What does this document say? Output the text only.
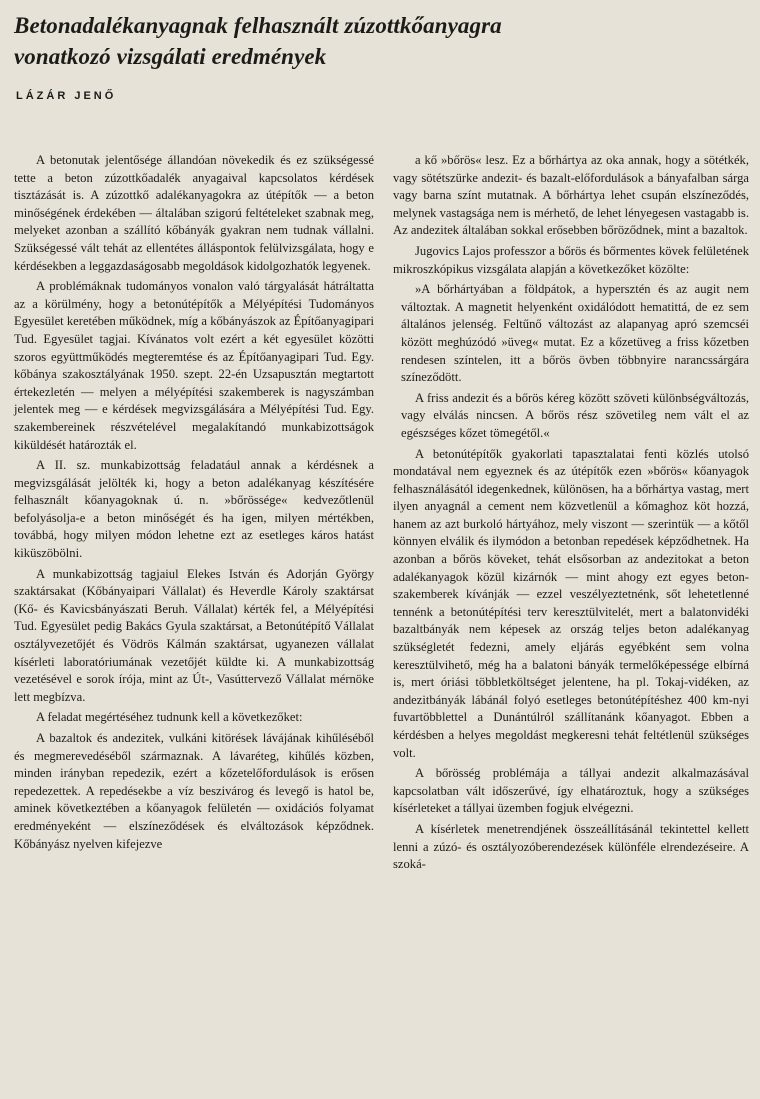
Betonadalékanyagnak felhasznált zúzottkőanyagra
vonatkozó vizsgálati eredmények
LÁZÁR JENŐ

A betonutak jelentősége állandóan növekedik és ez szükségessé tette a beton zúzottkőadalék anyagaival kapcsolatos kérdések tisztázását is. A zúzottkő adalékanyagokra az útépítők — a beton minőségének érdekében — általában szigorú feltételeket szabnak meg, melyeket azonban a szállító kőbányák gyakran nem tudnak vállalni. Szükségessé vált tehát az ellentétes álláspontok felülvizsgálata, hogy e kérdésekben a leggazdaságosabb megoldások kidolgozhatók legyenek.

A problémáknak tudományos vonalon való tárgyalását hátráltatta az a körülmény, hogy a betonútépítők a Mélyépítési Tudományos Egyesület keretében működnek, míg a kőbányászok az Építőanyagipari Tud. Egyesület tagjai. Kívánatos volt ezért a két egyesület közötti szoros együttműködés megteremtése és az Építőanyagipari Tud. Egy. kőbánya szakosztályának 1950. szept. 22-én Uzsapusztán megtartott értekezletén — melyen a mélyépítési szakemberek is nagyszámban jelentek meg — e kérdések megvizsgálására a Mélyépítési Tud. Egy. szakembereinek részvételével megalakítandó munkabizottságok kiküldését határozták el.

A II. sz. munkabizottság feladatául annak a kérdésnek a megvizsgálását jelölték ki, hogy a beton adalékanyag készítésére felhasznált kőanyagoknak ú. n. »bőrössége« kedvezőtlenül befolyásolja-e a beton minőségét és ha igen, milyen mértékben, továbbá, hogy milyen módon lehetne ezt az esetleges káros hatást kiküszöbölni.

A munkabizottság tagjaiul Elekes István és Adorján György szaktársakat (Kőbányaipari Vállalat) és Heverdle Károly szaktársat (Kő- és Kavicsbányászati Beruh. Vállalat) kérték fel, a Mélyépítési Tud. Egyesület pedig Bakács Gyula szaktársat, a Betonútépítő Vállalat osztályvezetőjét és Vödrös Kálmán szaktársat, ugyanezen vállalat kísérleti laboratóriumának vezetőjét küldte ki. A munkabizottság vezetésével e sorok írója, mint az Út-, Vasúttervező Vállalat mérnöke lett megbízva.

A feladat megértéséhez tudnunk kell a következőket:

A bazaltok és andezitek, vulkáni kitörések lávájának kihűléséből és megmerevedéséből származnak. A lávaréteg, kihűlés közben, minden irányban repedezik, ezért a kőzetelőfordulások is erősen repedezettek. A repedésekbe a víz beszivárog és levegő is hatol be, aminek következtében a kőanyagok felületén — oxidációs folyamat eredményeként — elszíneződések és elváltozások képződnek. Kőbányász nyelven kifejezve

a kő »bőrös« lesz. Ez a bőrhártya az oka annak, hogy a sötétkék, vagy sötétszürke andezit- és bazalt-előfordulások a bányafalban sárga vagy barna színt mutatnak. A bőrhártya lehet csupán elszíneződés, melynek vastagsága nem is mérhető, de lehet lényegesen vastagabb is. Az andezitek általában sokkal erősebben bőröződnek, mint a bazaltok.

Jugovics Lajos professzor a bőrös és bőrmentes kövek felületének mikroszkópikus vizsgálata alapján a következőket közölte:

»A bőrhártyában a földpátok, a hypersztén és az augit nem változtak. A magnetit helyenként oxidálódott hematittá, de ez sem általános jelenség. Feltűnő változást az alapanyag apró szemcséi között meghúzódó »üveg« mutat. Ez a kőzetüveg a friss kőzetben rendesen színtelen, itt a bőrös övben többnyire narancssárgára színeződött.

A friss andezit és a bőrös kéreg között szöveti különbségváltozás, vagy elválás nincsen. A bőrös rész szövetileg nem vált el az egészséges kőzet tömegétől.«

A betonútépítők gyakorlati tapasztalatai fenti közlés utolsó mondatával nem egyeznek és az útépítők ezen »bőrös« kőanyagok felhasználásától idegenkednek, különösen, ha a bőrhártya vastag, mert ilyen anyagnál a cement nem közvetlenül a kőmaghoz köt hozzá, hanem az azt burkoló hártyához, mely viszont — szerintük — a kőtől könnyen elválik és ilymódon a betonban repedések képződhetnek. Ha azonban a bőrös köveket, tehát elsősorban az andezitokat a beton adalékanyagok közül kizárnók — mint ahogy ezt egyes beton-szakemberek kívánják — ezzel veszélyeztetnénk, sőt lehetetlenné tennénk a betonútépítési terv keresztülvitelét, mert a balatonvidéki bazaltbányák nem képesek az ország teljes beton adalékanyag szükségletét fedezni, amely eljárás egyébként sem volna keresztülvihető, még ha a balatoni bányák termelőképessége elbírná is, mert óriási többletköltséget jelentene, ha pl. Tokaj-vidéken, az andezitbányák lábánál folyó esetleges betonútépítéshez 400 km-nyi fuvartöbblettel a Dunántúlról szállítanánk kőanyagot. Ebben a kérdésben a helyes megoldást megkeresni tehát feltétlenül szükséges volt.

A bőrösség problémája a tállyai andezit alkalmazásával kapcsolatban vált időszerűvé, így elhatároztuk, hogy a szükséges kísérleteket a tállyai üzemben fogjuk elvégezni.

A kísérletek menetrendjének összeállításánál tekintettel kellett lenni a zúzó- és osztályozóberendezések különféle elrendezéseire. A szoká-
